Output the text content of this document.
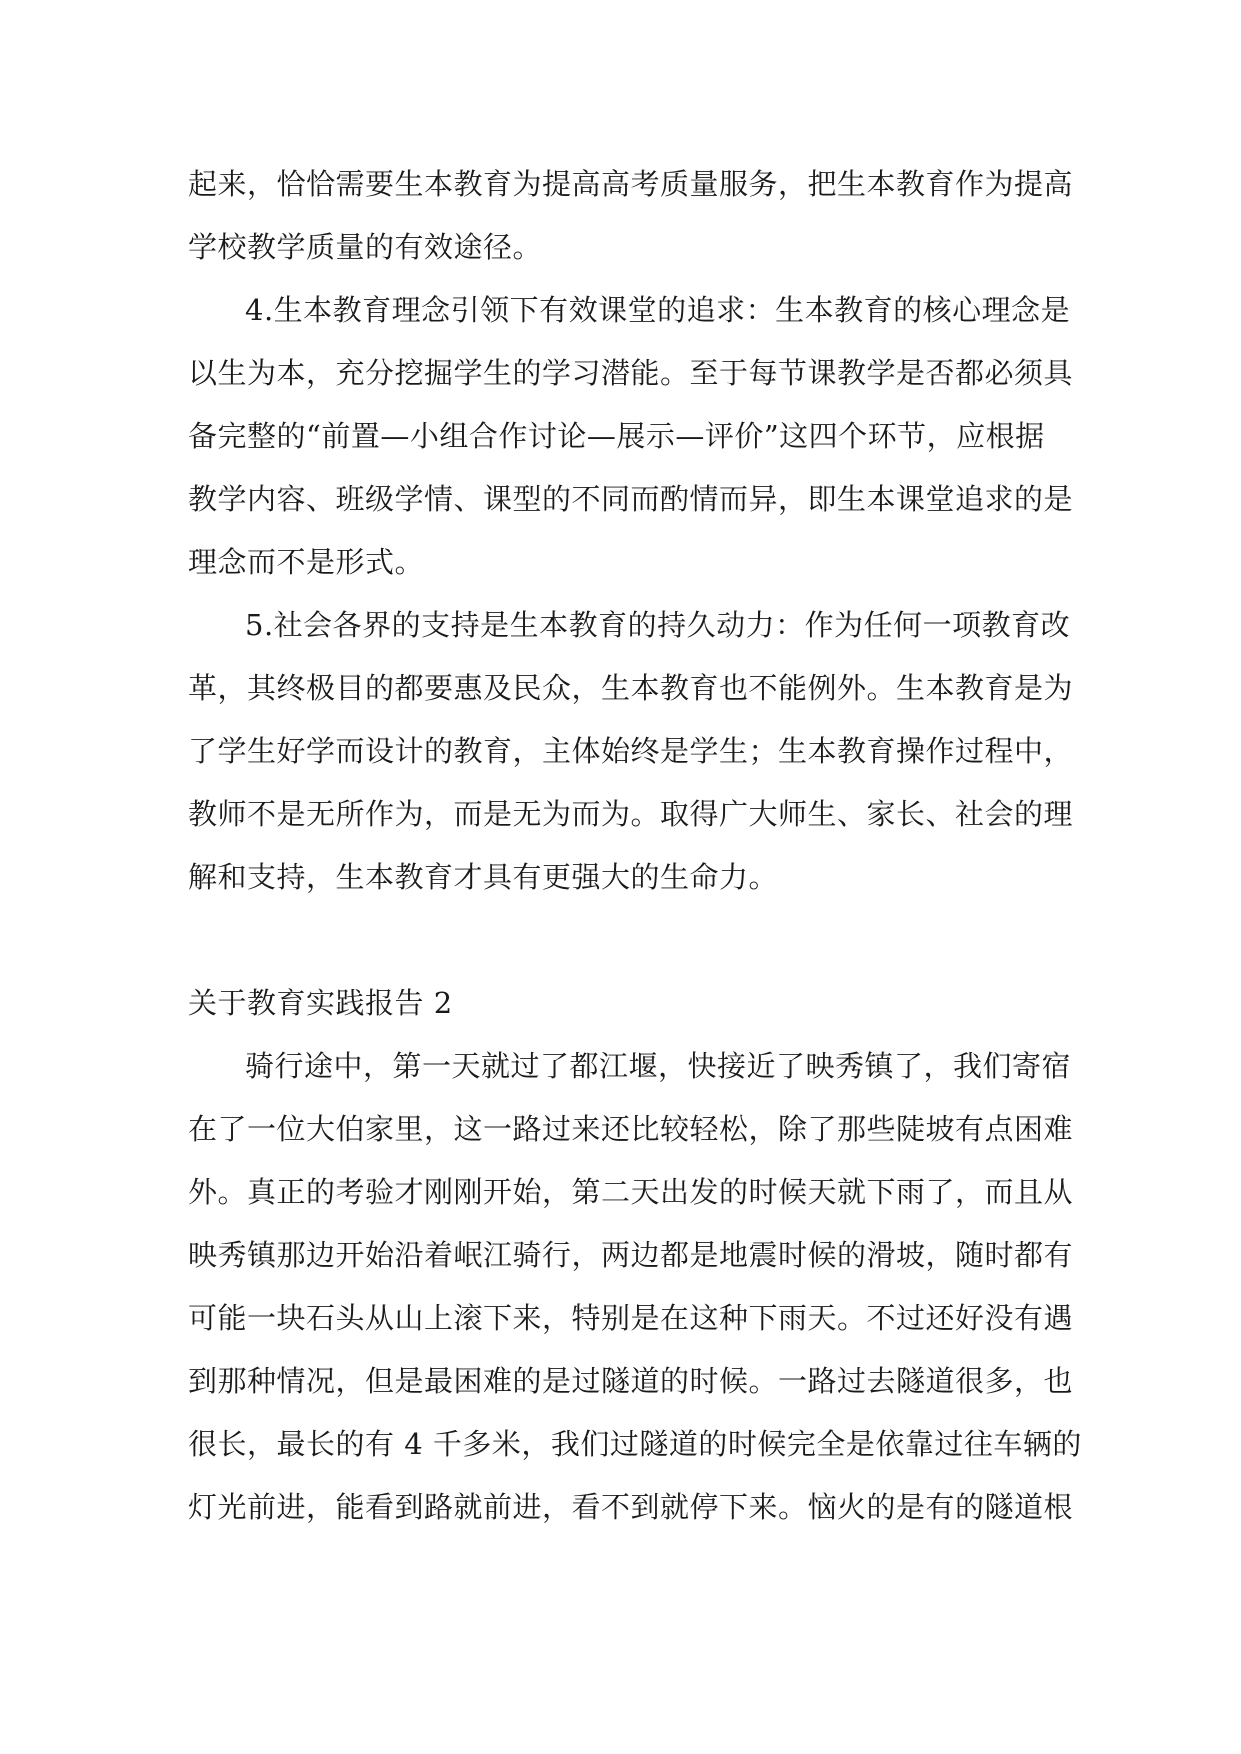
起来，恰恰需要生本教育为提高高考质量服务，把生本教育作为提高
学校教学质量的有效途径。
4.生本教育理念引领下有效课堂的追求：生本教育的核心理念是
以生为本，充分挖掘学生的学习潜能。至于每节课教学是否都必须具
备完整的“前置—小组合作讨论—展示—评价”这四个环节，应根据
教学内容、班级学情、课型的不同而酌情而异，即生本课堂追求的是
理念而不是形式。
5.社会各界的支持是生本教育的持久动力：作为任何一项教育改
革，其终极目的都要惠及民众，生本教育也不能例外。生本教育是为
了学生好学而设计的教育，主体始终是学生；生本教育操作过程中，
教师不是无所作为，而是无为而为。取得广大师生、家长、社会的理
解和支持，生本教育才具有更强大的生命力。
关于教育实践报告 2
骑行途中，第一天就过了都江堰，快接近了映秀镇了，我们寄宿
在了一位大伯家里，这一路过来还比较轻松，除了那些陡坡有点困难
外。真正的考验才刚刚开始，第二天出发的时候天就下雨了，而且从
映秀镇那边开始沿着岷江骑行，两边都是地震时候的滑坡，随时都有
可能一块石头从山上滚下来，特别是在这种下雨天。不过还好没有遇
到那种情况，但是最困难的是过隧道的时候。一路过去隧道很多，也
很长，最长的有 4 千多米，我们过隧道的时候完全是依靠过往车辆的
灯光前进，能看到路就前进，看不到就停下来。恼火的是有的隧道根
